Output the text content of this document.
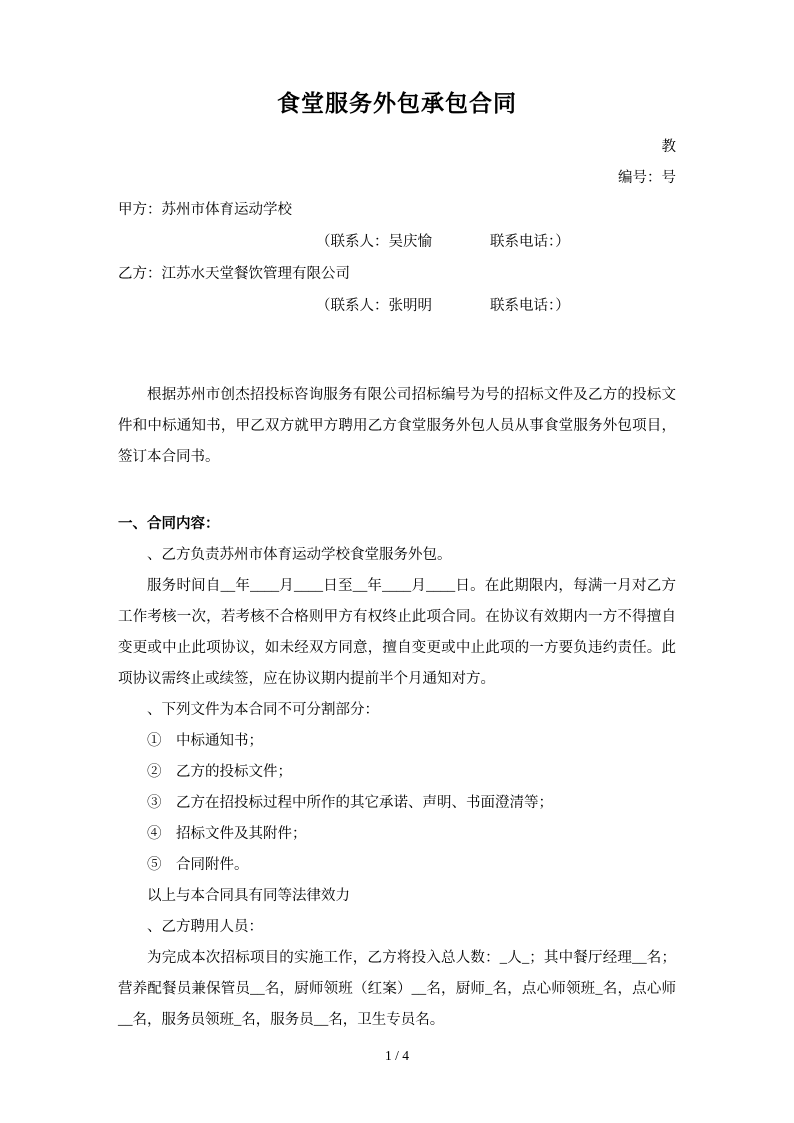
食堂服务外包承包合同

教

编号：号

甲方：苏州市体育运动学校

（联系人：吴庆愉　　　　联系电话：）

乙方：江苏水天堂餐饮管理有限公司

（联系人：张明明　　　　联系电话：）

根据苏州市创杰招投标咨询服务有限公司招标编号为号的招标文件及乙方的投标文件和中标通知书，甲乙双方就甲方聘用乙方食堂服务外包人员从事食堂服务外包项目，签订本合同书。

一、合同内容：

、乙方负责苏州市体育运动学校食堂服务外包。

服务时间自__年____月____日至__年____月____日。在此期限内，每满一月对乙方工作考核一次，若考核不合格则甲方有权终止此项合同。在协议有效期内一方不得擅自变更或中止此项协议，如未经双方同意，擅自变更或中止此项的一方要负违约责任。此项协议需终止或续签，应在协议期内提前半个月通知对方。

、下列文件为本合同不可分割部分：

①　中标通知书；

②　乙方的投标文件；

③　乙方在招投标过程中所作的其它承诺、声明、书面澄清等；

④　招标文件及其附件；

⑤　合同附件。

以上与本合同具有同等法律效力

、乙方聘用人员：

为完成本次招标项目的实施工作，乙方将投入总人数：_人_；其中餐厅经理__名；营养配餐员兼保管员__名，厨师领班（红案）__名，厨师_名，点心师领班_名，点心师__名，服务员领班_名，服务员__名，卫生专员名。

1 / 4
